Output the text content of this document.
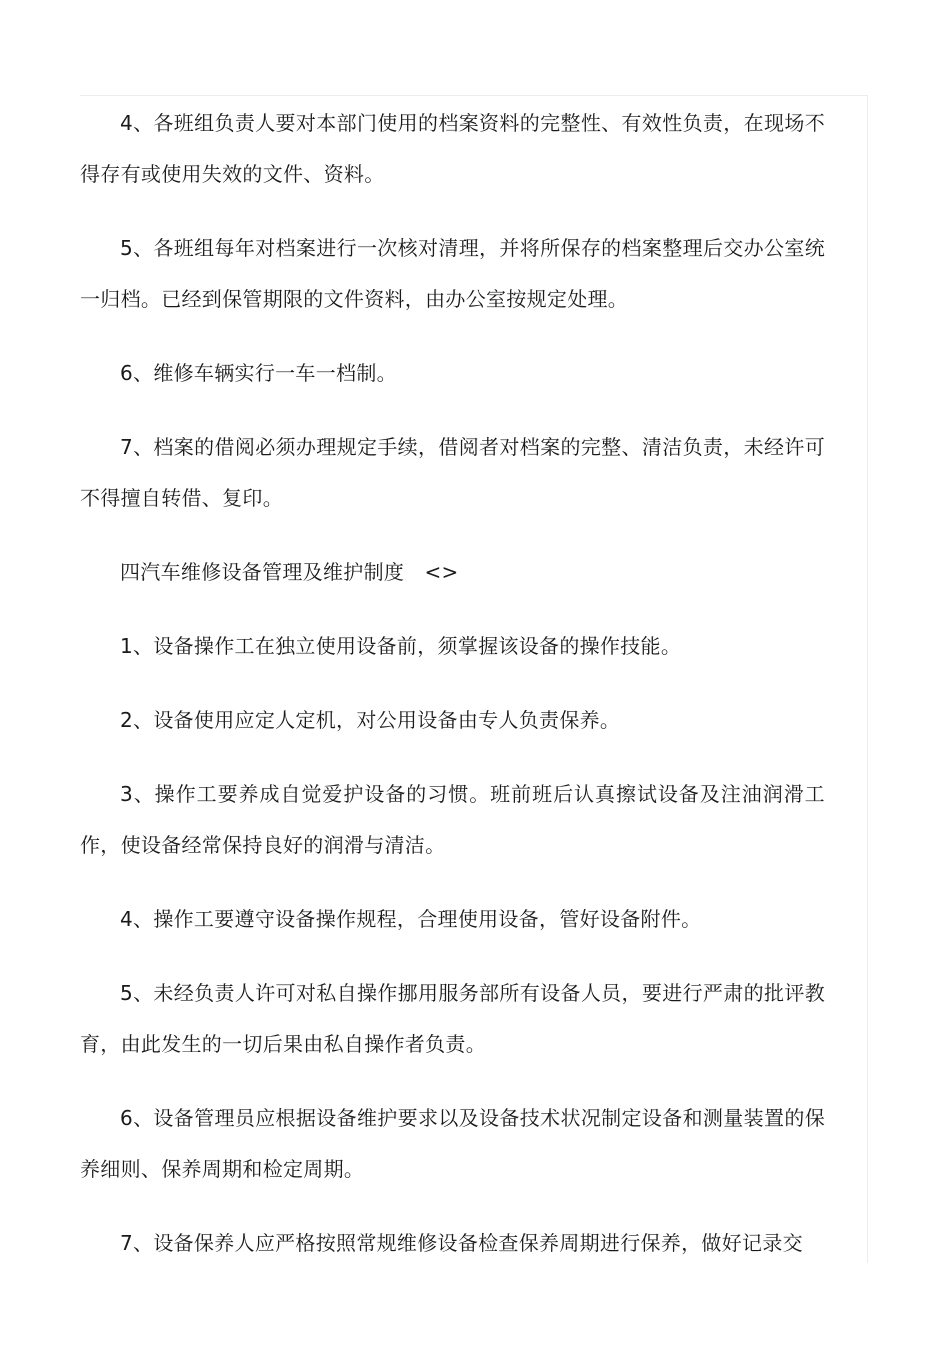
4、各班组负责人要对本部门使用的档案资料的完整性、有效性负责，在现场不得存有或使用失效的文件、资料。

5、各班组每年对档案进行一次核对清理，并将所保存的档案整理后交办公室统一归档。已经到保管期限的文件资料，由办公室按规定处理。

6、维修车辆实行一车一档制。

7、档案的借阅必须办理规定手续，借阅者对档案的完整、清洁负责，未经许可不得擅自转借、复印。

四汽车维修设备管理及维护制度　<>

1、设备操作工在独立使用设备前，须掌握该设备的操作技能。

2、设备使用应定人定机，对公用设备由专人负责保养。

3、操作工要养成自觉爱护设备的习惯。班前班后认真擦试设备及注油润滑工作，使设备经常保持良好的润滑与清洁。

4、操作工要遵守设备操作规程，合理使用设备，管好设备附件。

5、未经负责人许可对私自操作挪用服务部所有设备人员，要进行严肃的批评教育，由此发生的一切后果由私自操作者负责。

6、设备管理员应根据设备维护要求以及设备技术状况制定设备和测量装置的保养细则、保养周期和检定周期。

7、设备保养人应严格按照常规维修设备检查保养周期进行保养，做好记录交
